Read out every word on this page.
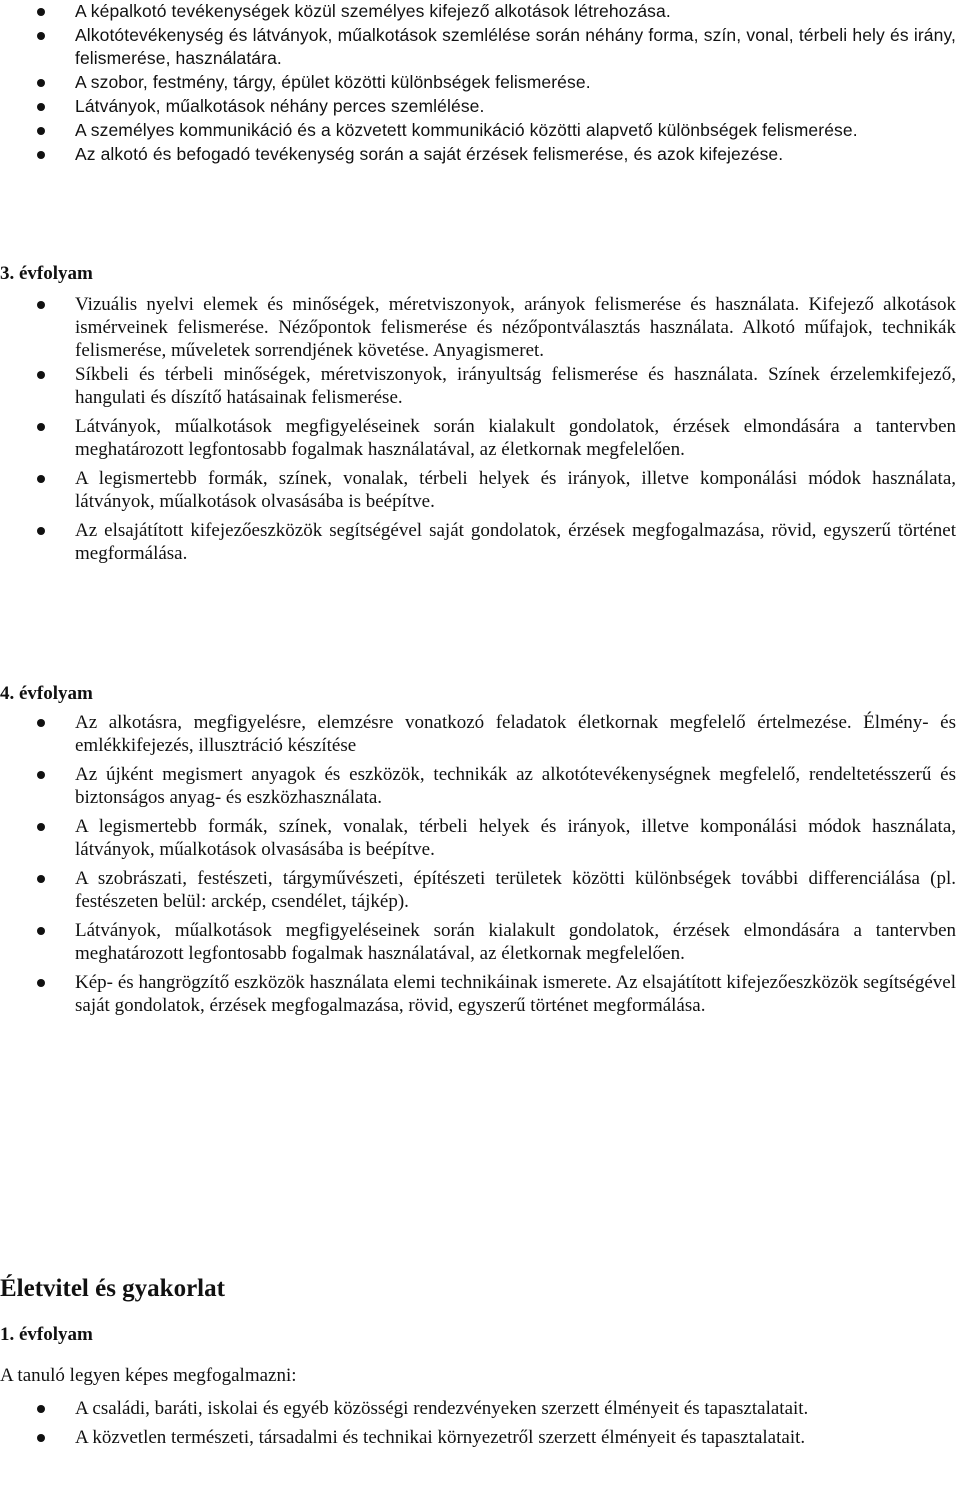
A képalkotó tevékenységek közül személyes kifejező alkotások létrehozása.
Alkotótevékenység és látványok, műalkotások szemlélése során néhány forma, szín, vonal, térbeli hely és irány, felismerése, használatára.
A szobor, festmény, tárgy, épület közötti különbségek felismerése.
Látványok, műalkotások néhány perces szemlélése.
A személyes kommunikáció és a közvetett kommunikáció közötti alapvető különbségek felismerése.
Az alkotó és befogadó tevékenység során a saját érzések felismerése, és azok kifejezése.
3. évfolyam
Vizuális nyelvi elemek és minőségek, méretviszonyok, arányok felismerése és használata. Kifejező alkotások ismérveinek felismerése. Nézőpontok felismerése és nézőpontválasztás használata. Alkotó műfajok, technikák felismerése, műveletek sorrendjének követése. Anyagismeret.
Síkbeli és térbeli minőségek, méretviszonyok, irányultság felismerése és használata. Színek érzelemkifejező, hangulati és díszítő hatásainak felismerése.
Látványok, műalkotások megfigyeléseinek során kialakult gondolatok, érzések elmondására a tantervben meghatározott legfontosabb fogalmak használatával, az életkornak megfelelően.
A legismertebb formák, színek, vonalak, térbeli helyek és irányok, illetve komponálási módok használata, látványok, műalkotások olvasásába is beépítve.
Az elsajátított kifejezőeszközök segítségével saját gondolatok, érzések megfogalmazása, rövid, egyszerű történet megformálása.
4. évfolyam
Az alkotásra, megfigyelésre, elemzésre vonatkozó feladatok életkornak megfelelő értelmezése. Élmény- és emlékkifejezés, illusztráció készítése
Az újként megismert anyagok és eszközök, technikák az alkotótevékenységnek megfelelő, rendeltetésszerű és biztonságos anyag- és eszközhasználata.
A legismertebb formák, színek, vonalak, térbeli helyek és irányok, illetve komponálási módok használata, látványok, műalkotások olvasásába is beépítve.
A szobrászati, festészeti, tárgyművészeti, építészeti területek közötti különbségek további differenciálása (pl. festészeten belül: arckép, csendélet, tájkép).
Látványok, műalkotások megfigyeléseinek során kialakult gondolatok, érzések elmondására a tantervben meghatározott legfontosabb fogalmak használatával, az életkornak megfelelően.
Kép- és hangrögzítő eszközök használata elemi technikáinak ismerete. Az elsajátított kifejezőeszközök segítségével saját gondolatok, érzések megfogalmazása, rövid, egyszerű történet megformálása.
Életvitel és gyakorlat
1. évfolyam
A tanuló legyen képes megfogalmazni:
A családi, baráti, iskolai és egyéb közösségi rendezvényeken szerzett élményeit és tapasztalatait.
A közvetlen természeti, társadalmi és technikai környezetről szerzett élményeit és tapasztalatait.
